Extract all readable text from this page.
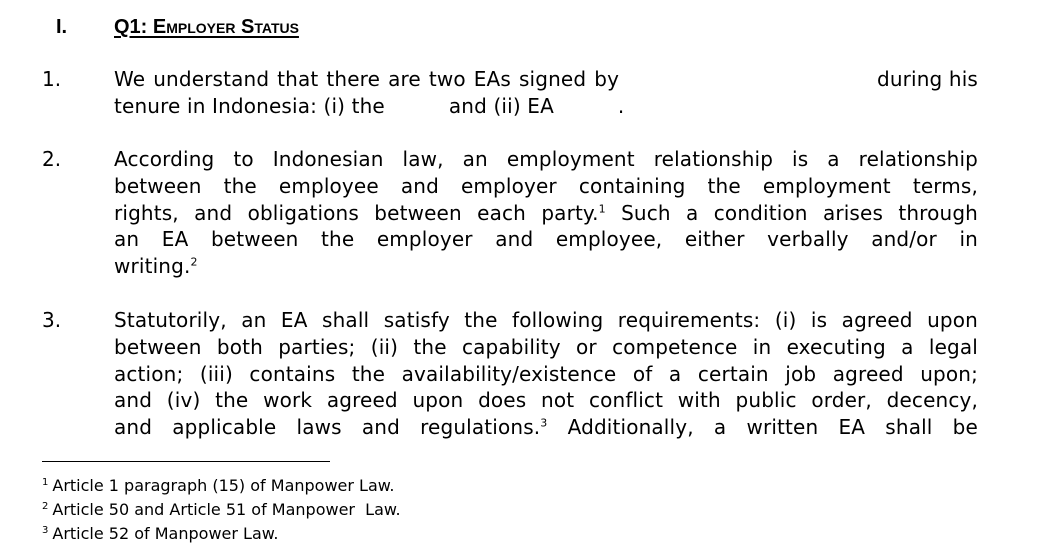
I. Q1: Employer Status
1.	We understand that there are two EAs signed by	during his
tenure in Indonesia: (i) the	and (ii) EA	.
2.	According to Indonesian law, an employment relationship is a relationship
between the employee and employer containing the employment terms,
rights, and obligations between each party.$^1$ Such a condition arises through
an EA between the employer and employee, either verbally and/or in
writing.$^2$
3.	Statutorily, an EA shall satisfy the following requirements: (i) is agreed upon
between both parties; (ii) the capability or competence in executing a legal
action; (iii) contains the availability/existence of a certain job agreed upon;
and (iv) the work agreed upon does not conflict with public order, decency,
and applicable laws and regulations.$^3$ Additionally, a written EA shall be
$^1$ Article 1 paragraph (15) of Manpower Law.
$^2$ Article 50 and Article 51 of Manpower  Law.
$^3$ Article 52 of Manpower Law.
